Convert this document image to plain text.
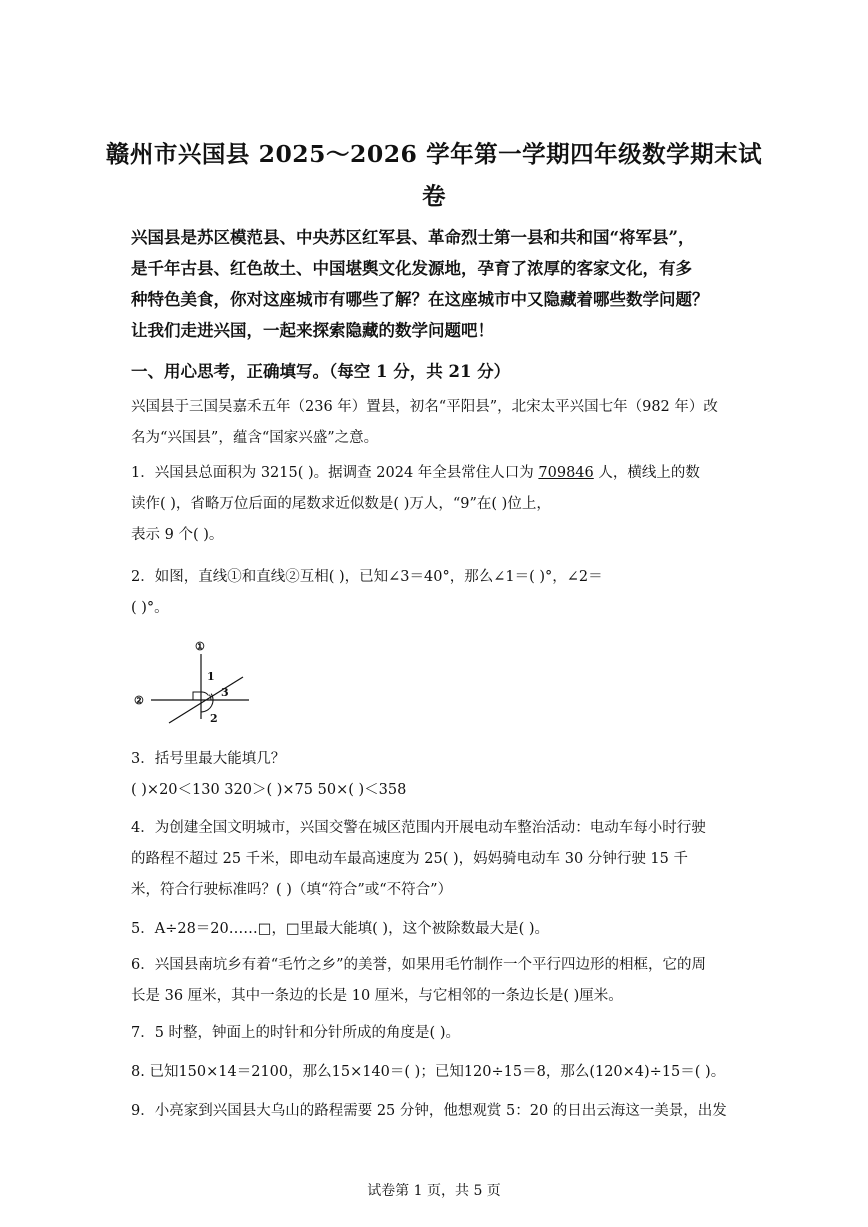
赣州市兴国县 2025～2026 学年第一学期四年级数学期末试
卷

兴国县是苏区模范县、中央苏区红军县、革命烈士第一县和共和国“将军县”，

是千年古县、红色故土、中国堪舆文化发源地，孕育了浓厚的客家文化，有多

种特色美食，你对这座城市有哪些了解？在这座城市中又隐藏着哪些数学问题？

让我们走进兴国，一起来探索隐藏的数学问题吧！

一、用心思考，正确填写。（每空 1 分，共 21 分）

兴国县于三国吴嘉禾五年（236 年）置县，初名“平阳县”，北宋太平兴国七年（982 年）改

名为“兴国县”，蕴含“国家兴盛”之意。

1．兴国县总面积为 3215( )。据调查 2024 年全县常住人口为 709846 人，横线上的数

读作( )，省略万位后面的尾数求近似数是( )万人，“9”在( )位上，

表示 9 个( )。

2．如图，直线①和直线②互相( )，已知∠3＝40°，那么∠1＝( )°，∠2＝

( )°。

①
②
1
3
2

3．括号里最大能填几？

( )×20＜130 320＞( )×75 50×( )＜358

4．为创建全国文明城市，兴国交警在城区范围内开展电动车整治活动：电动车每小时行驶

的路程不超过 25 千米，即电动车最高速度为 25( )，妈妈骑电动车 30 分钟行驶 15 千

米，符合行驶标准吗？( )（填“符合”或“不符合”）

5．A÷28＝20……□，□里最大能填( )，这个被除数最大是( )。

6．兴国县南坑乡有着“毛竹之乡”的美誉，如果用毛竹制作一个平行四边形的相框，它的周

长是 36 厘米，其中一条边的长是 10 厘米，与它相邻的一条边长是( )厘米。

7．5 时整，钟面上的时针和分针所成的角度是( )。

8. 已知150×14＝2100，那么15×140＝( )；已知120÷15＝8，那么(120×4)÷15＝( )。

9．小亮家到兴国县大乌山的路程需要 25 分钟，他想观赏 5：20 的日出云海这一美景，出发

试卷第 1 页，共 5 页
